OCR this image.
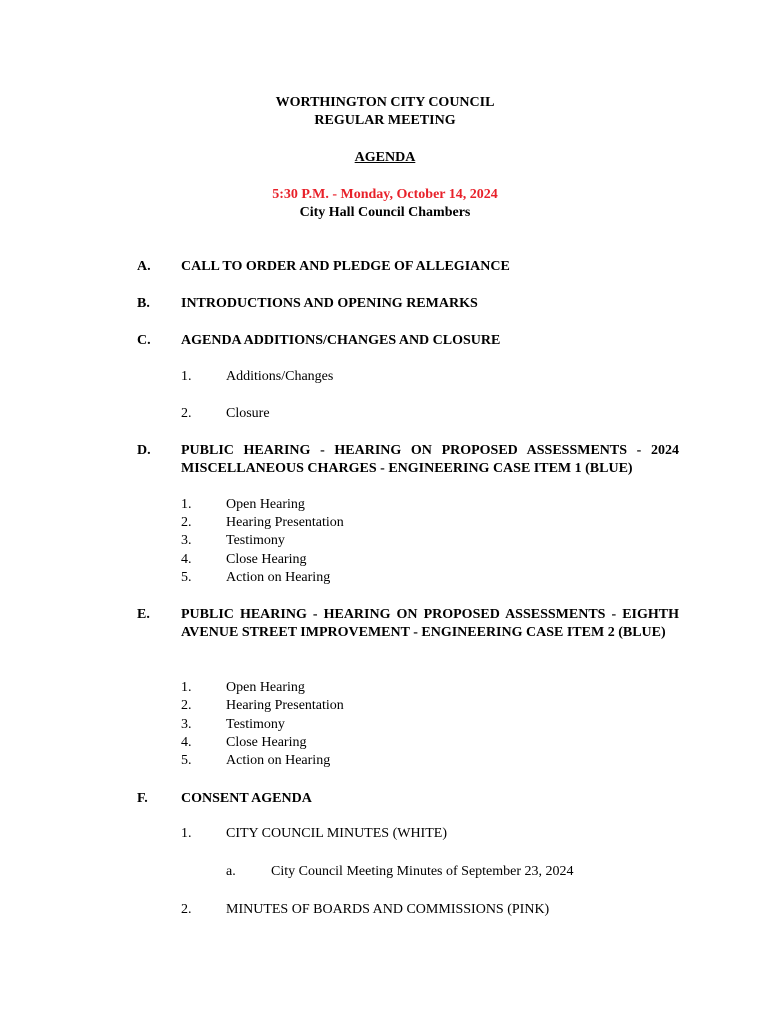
WORTHINGTON CITY COUNCIL
REGULAR MEETING
AGENDA
5:30 P.M. - Monday, October 14, 2024
City Hall Council Chambers
A. CALL TO ORDER AND PLEDGE OF ALLEGIANCE
B. INTRODUCTIONS AND OPENING REMARKS
C. AGENDA ADDITIONS/CHANGES AND CLOSURE
1. Additions/Changes
2. Closure
D. PUBLIC HEARING - HEARING ON PROPOSED ASSESSMENTS - 2024 MISCELLANEOUS CHARGES - ENGINEERING CASE ITEM 1 (BLUE)
1. Open Hearing
2. Hearing Presentation
3. Testimony
4. Close Hearing
5. Action on Hearing
E. PUBLIC HEARING - HEARING ON PROPOSED ASSESSMENTS - EIGHTH AVENUE STREET IMPROVEMENT - ENGINEERING CASE ITEM 2 (BLUE)
1. Open Hearing
2. Hearing Presentation
3. Testimony
4. Close Hearing
5. Action on Hearing
F. CONSENT AGENDA
1. CITY COUNCIL MINUTES (WHITE)
a.	City Council Meeting Minutes of September 23, 2024
2. MINUTES OF BOARDS AND COMMISSIONS (PINK)
